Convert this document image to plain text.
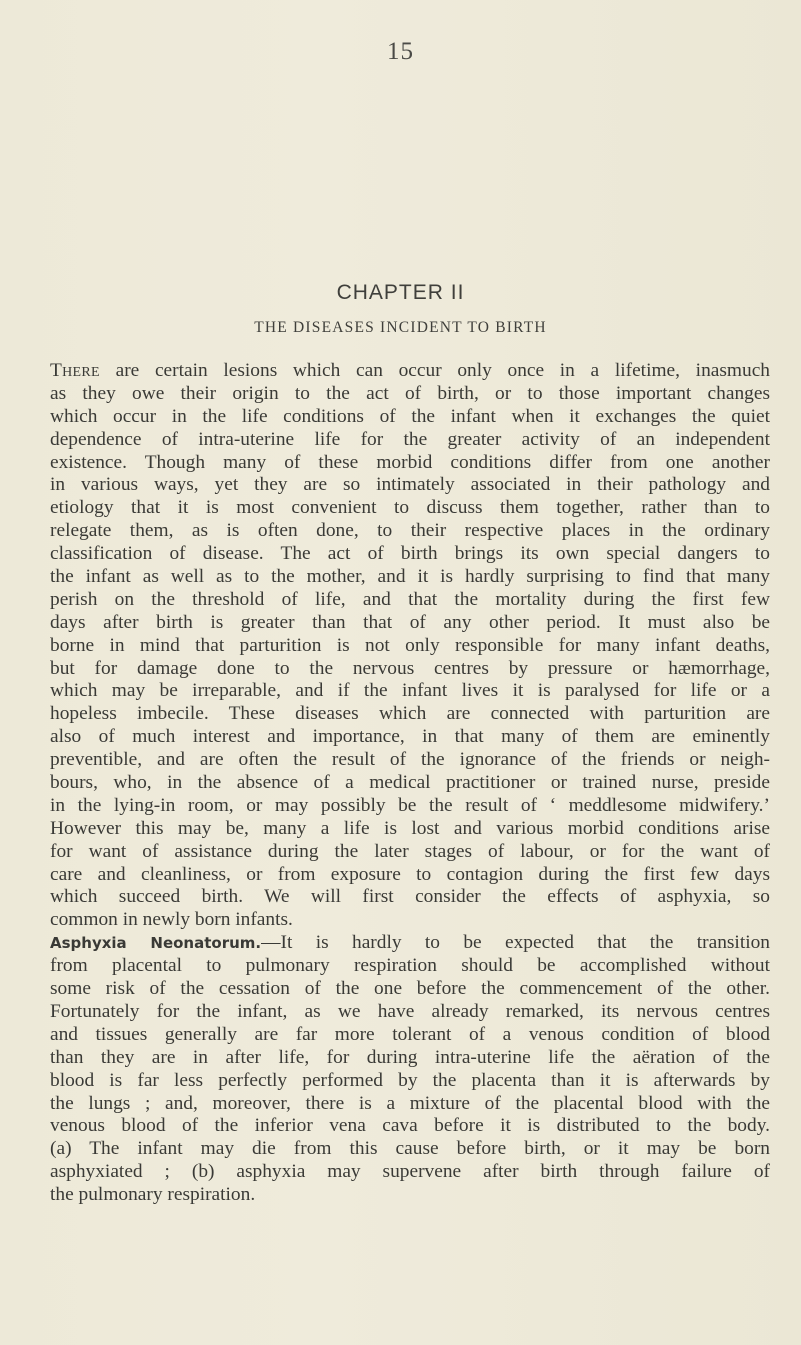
15
CHAPTER II
THE DISEASES INCIDENT TO BIRTH
There are certain lesions which can occur only once in a lifetime, inasmuch
as they owe their origin to the act of birth, or to those important changes
which occur in the life conditions of the infant when it exchanges the quiet
dependence of intra-uterine life for the greater activity of an independent
existence. Though many of these morbid conditions differ from one another
in various ways, yet they are so intimately associated in their pathology and
etiology that it is most convenient to discuss them together, rather than to
relegate them, as is often done, to their respective places in the ordinary
classification of disease. The act of birth brings its own special dangers to
the infant as well as to the mother, and it is hardly surprising to find that many
perish on the threshold of life, and that the mortality during the first few
days after birth is greater than that of any other period. It must also be
borne in mind that parturition is not only responsible for many infant deaths,
but for damage done to the nervous centres by pressure or hæmorrhage,
which may be irreparable, and if the infant lives it is paralysed for life or a
hopeless imbecile. These diseases which are connected with parturition are
also of much interest and importance, in that many of them are eminently
preventible, and are often the result of the ignorance of the friends or neigh-
bours, who, in the absence of a medical practitioner or trained nurse, preside
in the lying-in room, or may possibly be the result of ‘ meddlesome midwifery.’
However this may be, many a life is lost and various morbid conditions arise
for want of assistance during the later stages of labour, or for the want of
care and cleanliness, or from exposure to contagion during the first few days
which succeed birth. We will first consider the effects of asphyxia, so
common in newly born infants.
Asphyxia Neonatorum.—It is hardly to be expected that the transition
from placental to pulmonary respiration should be accomplished without
some risk of the cessation of the one before the commencement of the other.
Fortunately for the infant, as we have already remarked, its nervous centres
and tissues generally are far more tolerant of a venous condition of blood
than they are in after life, for during intra-uterine life the aëration of the
blood is far less perfectly performed by the placenta than it is afterwards by
the lungs ; and, moreover, there is a mixture of the placental blood with the
venous blood of the inferior vena cava before it is distributed to the body.
(a) The infant may die from this cause before birth, or it may be born
asphyxiated ; (b) asphyxia may supervene after birth through failure of
the pulmonary respiration.
